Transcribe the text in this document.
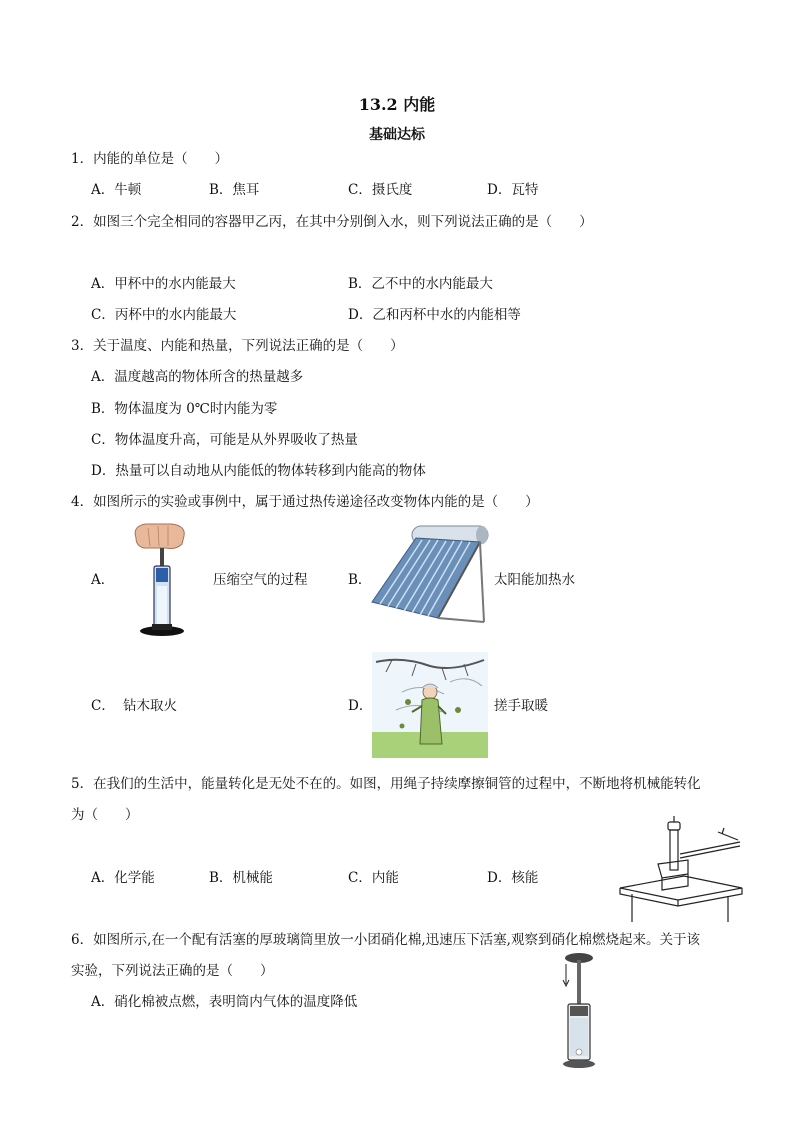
13.2 内能
基础达标
1．内能的单位是（　　）
A．牛顿	B．焦耳	C．摄氏度	D．瓦特
2．如图三个完全相同的容器甲乙丙，在其中分别倒入水，则下列说法正确的是（　　）
A．甲杯中的水内能最大	B．乙不中的水内能最大
C．丙杯中的水内能最大	D．乙和丙杯中水的内能相等
3．关于温度、内能和热量，下列说法正确的是（　　）
A．温度越高的物体所含的热量越多
B．物体温度为 0℃时内能为零
C．物体温度升高，可能是从外界吸收了热量
D．热量可以自动地从内能低的物体转移到内能高的物体
4．如图所示的实验或事例中，属于通过热传递途径改变物体内能的是（　　）
A．	压缩空气的过程	B．	太阳能加热水
C． 钻木取火	D．	搓手取暖
5．在我们的生活中，能量转化是无处不在的。如图，用绳子持续摩擦铜管的过程中，不断地将机械能转化
为（　　）
A．化学能	B．机械能	C．内能	D．核能
6．如图所示,在一个配有活塞的厚玻璃筒里放一小团硝化棉,迅速压下活塞,观察到硝化棉燃烧起来。关于该
实验，下列说法正确的是（　　）
A．硝化棉被点燃，表明筒内气体的温度降低
